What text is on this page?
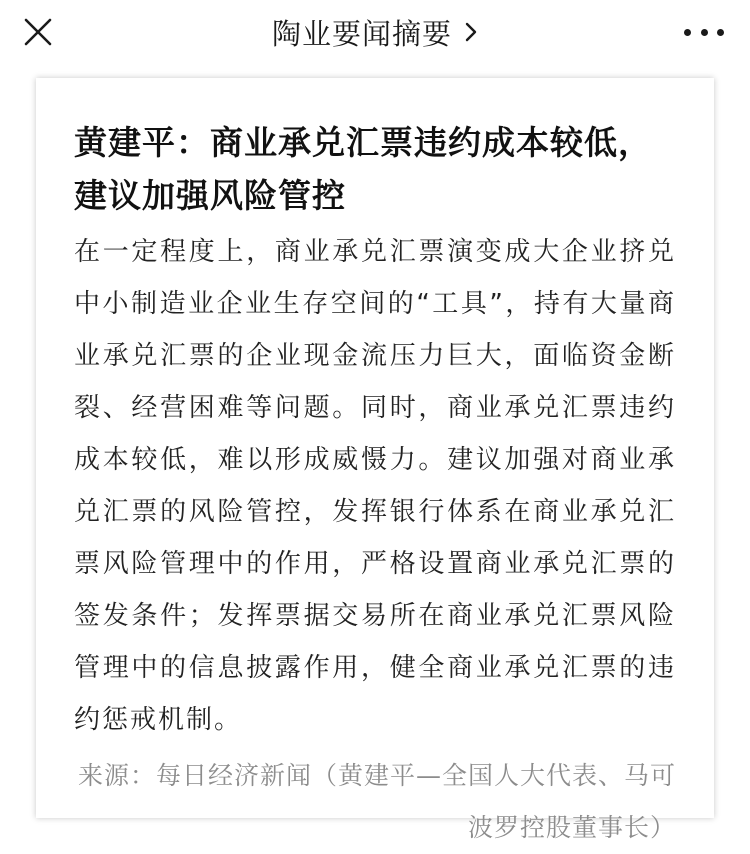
陶业要闻摘要
黄建平：商业承兑汇票违约成本较低，建议加强风险管控

在一定程度上，商业承兑汇票演变成大企业挤兑中小制造业企业生存空间的“工具”，持有大量商业承兑汇票的企业现金流压力巨大，面临资金断裂、经营困难等问题。同时，商业承兑汇票违约成本较低，难以形成威慑力。建议加强对商业承兑汇票的风险管控，发挥银行体系在商业承兑汇票风险管理中的作用，严格设置商业承兑汇票的签发条件；发挥票据交易所在商业承兑汇票风险管理中的信息披露作用，健全商业承兑汇票的违约惩戒机制。

来源：每日经济新闻（黄建平—全国人大代表、马可波罗控股董事长）
